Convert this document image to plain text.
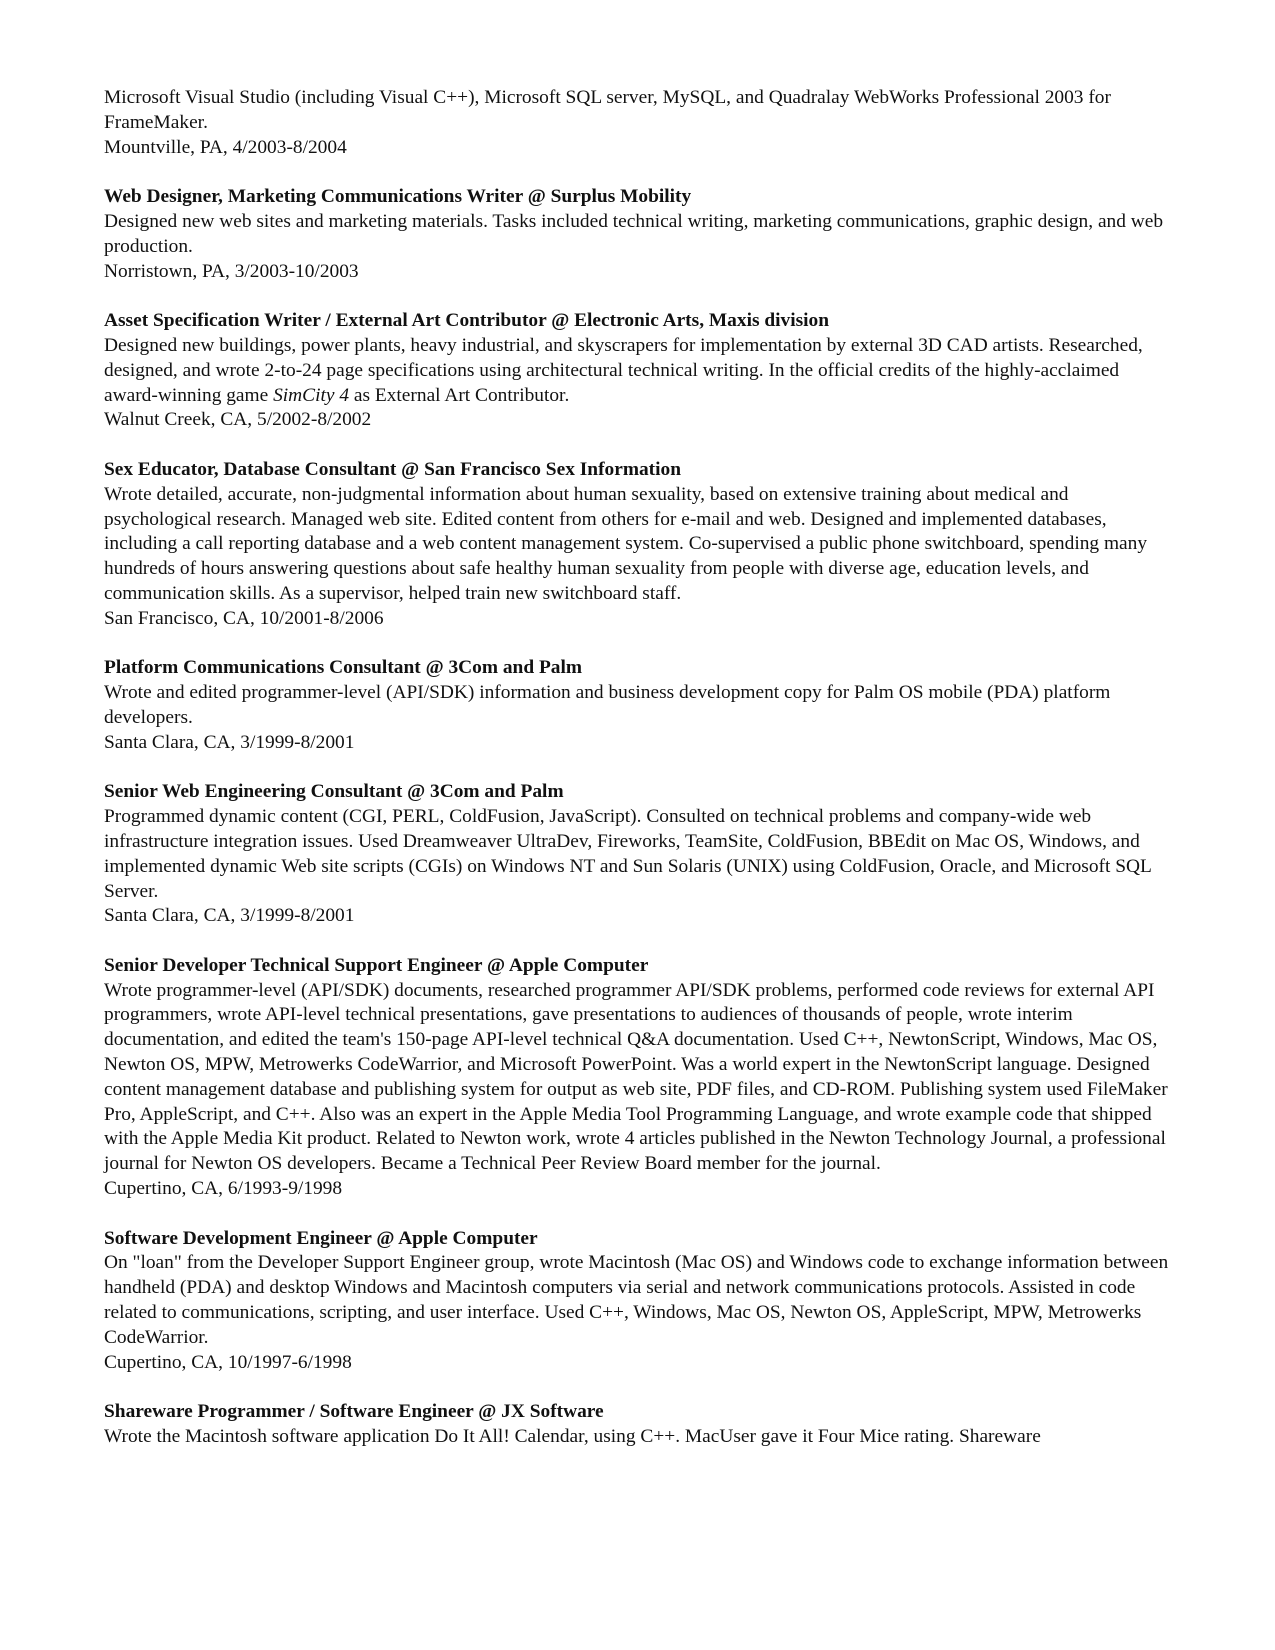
Microsoft Visual Studio (including Visual C++), Microsoft SQL server, MySQL, and Quadralay WebWorks Professional 2003 for FrameMaker.
Mountville, PA, 4/2003-8/2004
Web Designer, Marketing Communications Writer @ Surplus Mobility
Designed new web sites and marketing materials. Tasks included technical writing, marketing communications, graphic design, and web production.
Norristown, PA, 3/2003-10/2003
Asset Specification Writer / External Art Contributor @ Electronic Arts, Maxis division
Designed new buildings, power plants, heavy industrial, and skyscrapers for implementation by external 3D CAD artists. Researched, designed, and wrote 2-to-24 page specifications using architectural technical writing. In the official credits of the highly-acclaimed award-winning game SimCity 4 as External Art Contributor.
Walnut Creek, CA, 5/2002-8/2002
Sex Educator, Database Consultant @ San Francisco Sex Information
Wrote detailed, accurate, non-judgmental information about human sexuality, based on extensive training about medical and psychological research. Managed web site. Edited content from others for e-mail and web. Designed and implemented databases, including a call reporting database and a web content management system. Co-supervised a public phone switchboard, spending many hundreds of hours answering questions about safe healthy human sexuality from people with diverse age, education levels, and communication skills. As a supervisor, helped train new switchboard staff.
San Francisco, CA, 10/2001-8/2006
Platform Communications Consultant @ 3Com and Palm
Wrote and edited programmer-level (API/SDK) information and business development copy for Palm OS mobile (PDA) platform developers.
Santa Clara, CA, 3/1999-8/2001
Senior Web Engineering Consultant @ 3Com and Palm
Programmed dynamic content (CGI, PERL, ColdFusion, JavaScript). Consulted on technical problems and company-wide web infrastructure integration issues. Used Dreamweaver UltraDev, Fireworks, TeamSite, ColdFusion, BBEdit on Mac OS, Windows, and implemented dynamic Web site scripts (CGIs) on Windows NT and Sun Solaris (UNIX) using ColdFusion, Oracle, and Microsoft SQL Server.
Santa Clara, CA, 3/1999-8/2001
Senior Developer Technical Support Engineer @ Apple Computer
Wrote programmer-level (API/SDK) documents, researched programmer API/SDK problems, performed code reviews for external API programmers, wrote API-level technical presentations, gave presentations to audiences of thousands of people, wrote interim documentation, and edited the team's 150-page API-level technical Q&A documentation. Used C++, NewtonScript, Windows, Mac OS, Newton OS, MPW, Metrowerks CodeWarrior, and Microsoft PowerPoint. Was a world expert in the NewtonScript language. Designed content management database and publishing system for output as web site, PDF files, and CD-ROM. Publishing system used FileMaker Pro, AppleScript, and C++. Also was an expert in the Apple Media Tool Programming Language, and wrote example code that shipped with the Apple Media Kit product. Related to Newton work, wrote 4 articles published in the Newton Technology Journal, a professional journal for Newton OS developers. Became a Technical Peer Review Board member for the journal.
Cupertino, CA, 6/1993-9/1998
Software Development Engineer @ Apple Computer
On "loan" from the Developer Support Engineer group, wrote Macintosh (Mac OS) and Windows code to exchange information between handheld (PDA) and desktop Windows and Macintosh computers via serial and network communications protocols. Assisted in code related to communications, scripting, and user interface. Used C++, Windows, Mac OS, Newton OS, AppleScript, MPW, Metrowerks CodeWarrior.
Cupertino, CA, 10/1997-6/1998
Shareware Programmer / Software Engineer @ JX Software
Wrote the Macintosh software application Do It All! Calendar, using C++. MacUser gave it Four Mice rating. Shareware
